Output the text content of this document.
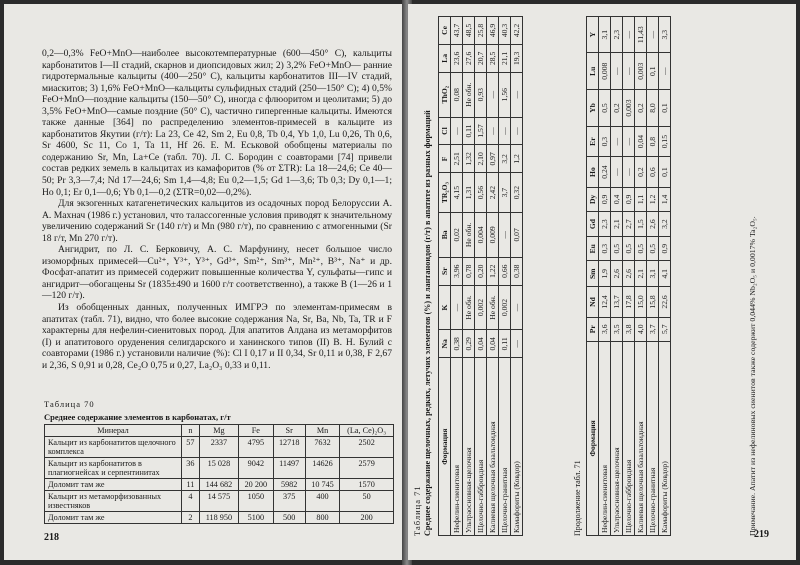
0,2—0,3% FeO+MnO—наиболее высокотемпературные (600—450° С), кальциты карбонатитов I—II стадий, скарнов и диопсидовых жил; 2) 3,2% FeO+MnO— ранние гидротермальные кальциты (400—250° С), кальциты карбонатитов III—IV стадий, миаскитов; 3) 1,6% FeO+MnO—кальциты сульфидных стадий (250—150° С); 4) 0,5% FeO+MnO—поздние кальциты (150—50° С), иногда с флюоритом и цеолитами; 5) до 3,5% FeO+MnO—самые поздние (50° С), частично гипергенные кальциты. Имеются также данные [364] по распределению элементов-примесей в кальците из карбонатитов Якутии (г/т): La 23, Ce 42, Sm 2, Eu 0,8, Tb 0,4, Yb 1,0, Lu 0,26, Th 0,6, Sr 4600, Sc 11, Co 1, Ta 11, Hf 26. Е. М. Еськовой обобщены материалы по содержанию Sr, Mn, La+Ce (табл. 70). Л. С. Бородин с соавторами [74] привели состав редких земель в кальцитах из камафоритов (% от ΣTR): La 18—24,6; Ce 40—50; Pr 3,3—7,4; Nd 17—24,6; Sm 1,4—4,8; Eu 0,2—1,5; Gd 1—3,6; Tb 0,3; Dy 0,1—1; Ho 0,1; Er 0,1—0,6; Yb 0,1—0,2 (ΣTR=0,02—0,2%).

Для экзогенных катагенетических кальцитов из осадочных пород Белоруссии А. А. Махнач (1986 г.) установил, что талассогенные условия приводят к значительному увеличению содержаний Sr (140 г/т) и Mn (980 г/т), по сравнению с атмогенными (Sr 18 г/т, Mn 270 г/т).

Ангидрит, по Л. С. Берковичу, А. С. Марфунину, несет большое число изоморфных примесей—Cu²⁺, Y³⁺, Y³⁺, Gd³⁺, Sm²⁺, Sm³⁺, Mn²⁺, B³⁺, Na⁺ и др. Фосфат-апатит из примесей содержит повышенные количества Y, сульфаты—гипс и ангидрит—обогащены Sr (1835±490 и 1600 г/т соответственно), а также B (1—26 и 1—120 г/т).

Из обобщенных данных, полученных ИМГРЭ по элементам-примесям в апатитах (табл. 71), видно, что более высокие содержания Na, Sr, Ba, Nb, Ta, TR и F характерны для нефелин-сиенитовых пород. Для апатитов Алдана из метаморфитов (I) и апатитового оруденения селигдарского и ханинского типов (II) В. Н. Булий с соавторами (1986 г.) установили наличие (%): Cl I 0,17 и II 0,34, Sr 0,11 и 0,38, F 2,67 и 2,36, S 0,91 и 0,28, Ce₂O 0,75 и 0,27, La₂O₃ 0,33 и 0,11.

Таблица 70
Среднее содержание элементов в карбонатах, г/т
Минерал	n	Mg	Fe	Sr	Mn	(La, Ce)₂O₃
Кальцит из карбонатитов щелочного комплекса	57	2337	4795	12718	7632	2502
Кальцит из карбонатитов в плагиогнейсах и серпентинитах	36	15 028	9042	11497	14626	2579
Доломит там же	11	144 682	20 200	5982	10 745	1570
Кальцит из метаморфизованных известняков	4	14 575	1050	375	400	50
Доломит там же	2	118 950	5100	500	800	200
218
Таблица 71 Среднее содержание щелочных, редких, летучих элементов (%) и лантаноидов (г/т) в апатите из разных формаций Формация	Na	K	Sr	Ba	TR₂O₃	F	Cl	ThO₂	La	Ce
Нефелин-сиенитовая	0,38	—	3,96	0,02	4,15	2,51	—	0,08	23,6	43,7
Ультраосновная-щелочная	0,29	Не обн.	0,78	Не обн.	1,31	1,32	0,11	Не обн.	27,6	48,5
Щелочно-габброидная	0,04	0,002	0,20	0,004	0,56	2,10	1,57	0,93	20,7	25,8
Калиевая щелочная базальтоидная	0,04	Не обн.	1,22	0,009	2,42	0,97	—	—	28,5	46,9
Щелочно-гранитная	0,11	0,002	0,66	—	3,7	3,2	—	1,56	21,1	40,3
Камафориты (Ковдор)	—	—	0,38	0,07	0,32	1,2	—	—	19,3	42,2
Продолжение табл. 71
Формация	Pr	Nd	Sm	Eu	Gd	Dy	Ho	Er	Yb	Lu	Y
Нефелин-сиенитовая	3,6	12,4	1,9	0,3	2,3	0,9	0,24	0,3	0,5	0,008	3,1
Ультраосновная-щелочная	3,5	13,7	2,6	0,5	2,1	0,4	—	—	0,2	—	2,3
Щелочно-габброидная	3,8	17,8	2,6	0,5	2,7	0,9	—	—	0,003	—	—
Калиевая щелочная базальтоидная	4,0	15,0	2,1	0,5	1,5	1,1	0,2	0,04	0,2	0,003	11,43
Щелочно-гранитная	3,7	15,8	3,1	0,5	2,6	1,2	0,6	0,8	8,0	0,1	—
Камафориты (Ковдор)	5,7	22,6	4,1	0,9	3,2	1,4	0,1	0,15	0,1	—	3,3
Примечание. Апатит из нефелиновых сиенитов также содержит 0,044% Nb₂O₅ и 0,0017% Ta₂O₅.
219
